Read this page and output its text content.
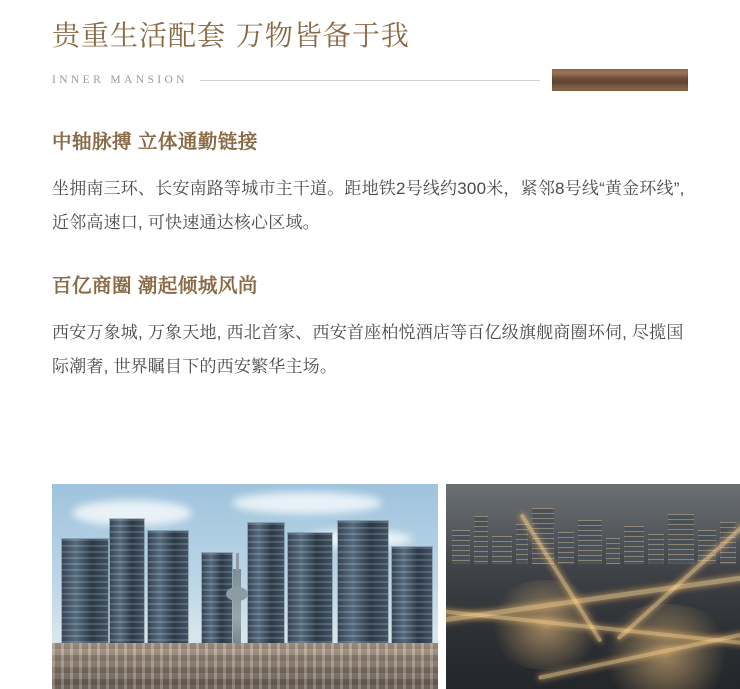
贵重生活配套 万物皆备于我
INNER MANSION
中轴脉搏 立体通勤链接
坐拥南三环、长安南路等城市主干道。距地铁2号线约300米，紧邻8号线“黄金环线”, 近邻高速口, 可快速通达核心区域。
百亿商圈 潮起倾城风尚
西安万象城, 万象天地, 西北首家、西安首座柏悦酒店等百亿级旗舰商圈环伺, 尽揽国际潮奢, 世界瞩目下的西安繁华主场。
